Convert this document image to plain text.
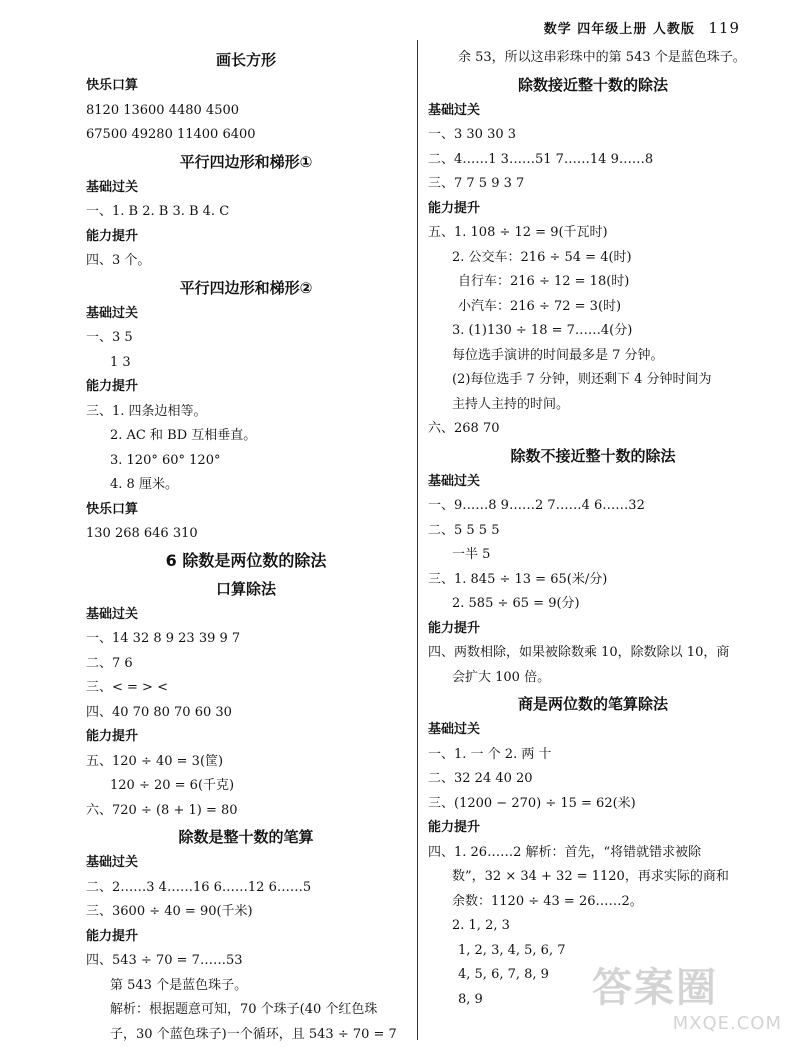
数学 四年级上册 人教版 119
画长方形
快乐口算
8120 13600 4480 4500
67500 49280 11400 6400
平行四边形和梯形①
基础过关
一、1. B 2. B 3. B 4. C
能力提升
四、3 个。
平行四边形和梯形②
基础过关
一、3 5
1 3
能力提升
三、1. 四条边相等。
2. AC 和 BD 互相垂直。
3. 120° 60° 120°
4. 8 厘米。
快乐口算
130 268 646 310
6 除数是两位数的除法
口算除法
基础过关
一、14 32 8 9 23 39 9 7
二、7 6
三、< = > <
四、40 70 80 70 60 30
能力提升
五、120 ÷ 40 = 3(筐)
120 ÷ 20 = 6(千克)
六、720 ÷ (8 + 1) = 80
除数是整十数的笔算
基础过关
二、2……3 4……16 6……12 6……5
三、3600 ÷ 40 = 90(千米)
能力提升
四、543 ÷ 70 = 7……53
第 543 个是蓝色珠子。
解析：根据题意可知，70 个珠子(40 个红色珠
子，30 个蓝色珠子)一个循环，且 543 ÷ 70 = 7
余 53，所以这串彩珠中的第 543 个是蓝色珠子。
除数接近整十数的除法
基础过关
一、3 30 30 3
二、4……1 3……51 7……14 9……8
三、7 7 5 9 3 7
能力提升
五、1. 108 ÷ 12 = 9(千瓦时)
2. 公交车：216 ÷ 54 = 4(时)
自行车：216 ÷ 12 = 18(时)
小汽车：216 ÷ 72 = 3(时)
3. (1)130 ÷ 18 = 7……4(分)
每位选手演讲的时间最多是 7 分钟。
(2)每位选手 7 分钟，则还剩下 4 分钟时间为
主持人主持的时间。
六、268 70
除数不接近整十数的除法
基础过关
一、9……8 9……2 7……4 6……32
二、5 5 5 5
一半 5
三、1. 845 ÷ 13 = 65(米/分)
2. 585 ÷ 65 = 9(分)
能力提升
四、两数相除，如果被除数乘 10，除数除以 10，商
会扩大 100 倍。
商是两位数的笔算除法
基础过关
一、1. 一 个 2. 两 十
二、32 24 40 20
三、(1200 − 270) ÷ 15 = 62(米)
能力提升
四、1. 26……2 解析：首先，“将错就错求被除
数”，32 × 34 + 32 = 1120，再求实际的商和
余数：1120 ÷ 43 = 26……2。
2. 1, 2, 3
1, 2, 3, 4, 5, 6, 7
4, 5, 6, 7, 8, 9
8, 9	答案圈
MXQE.COM
